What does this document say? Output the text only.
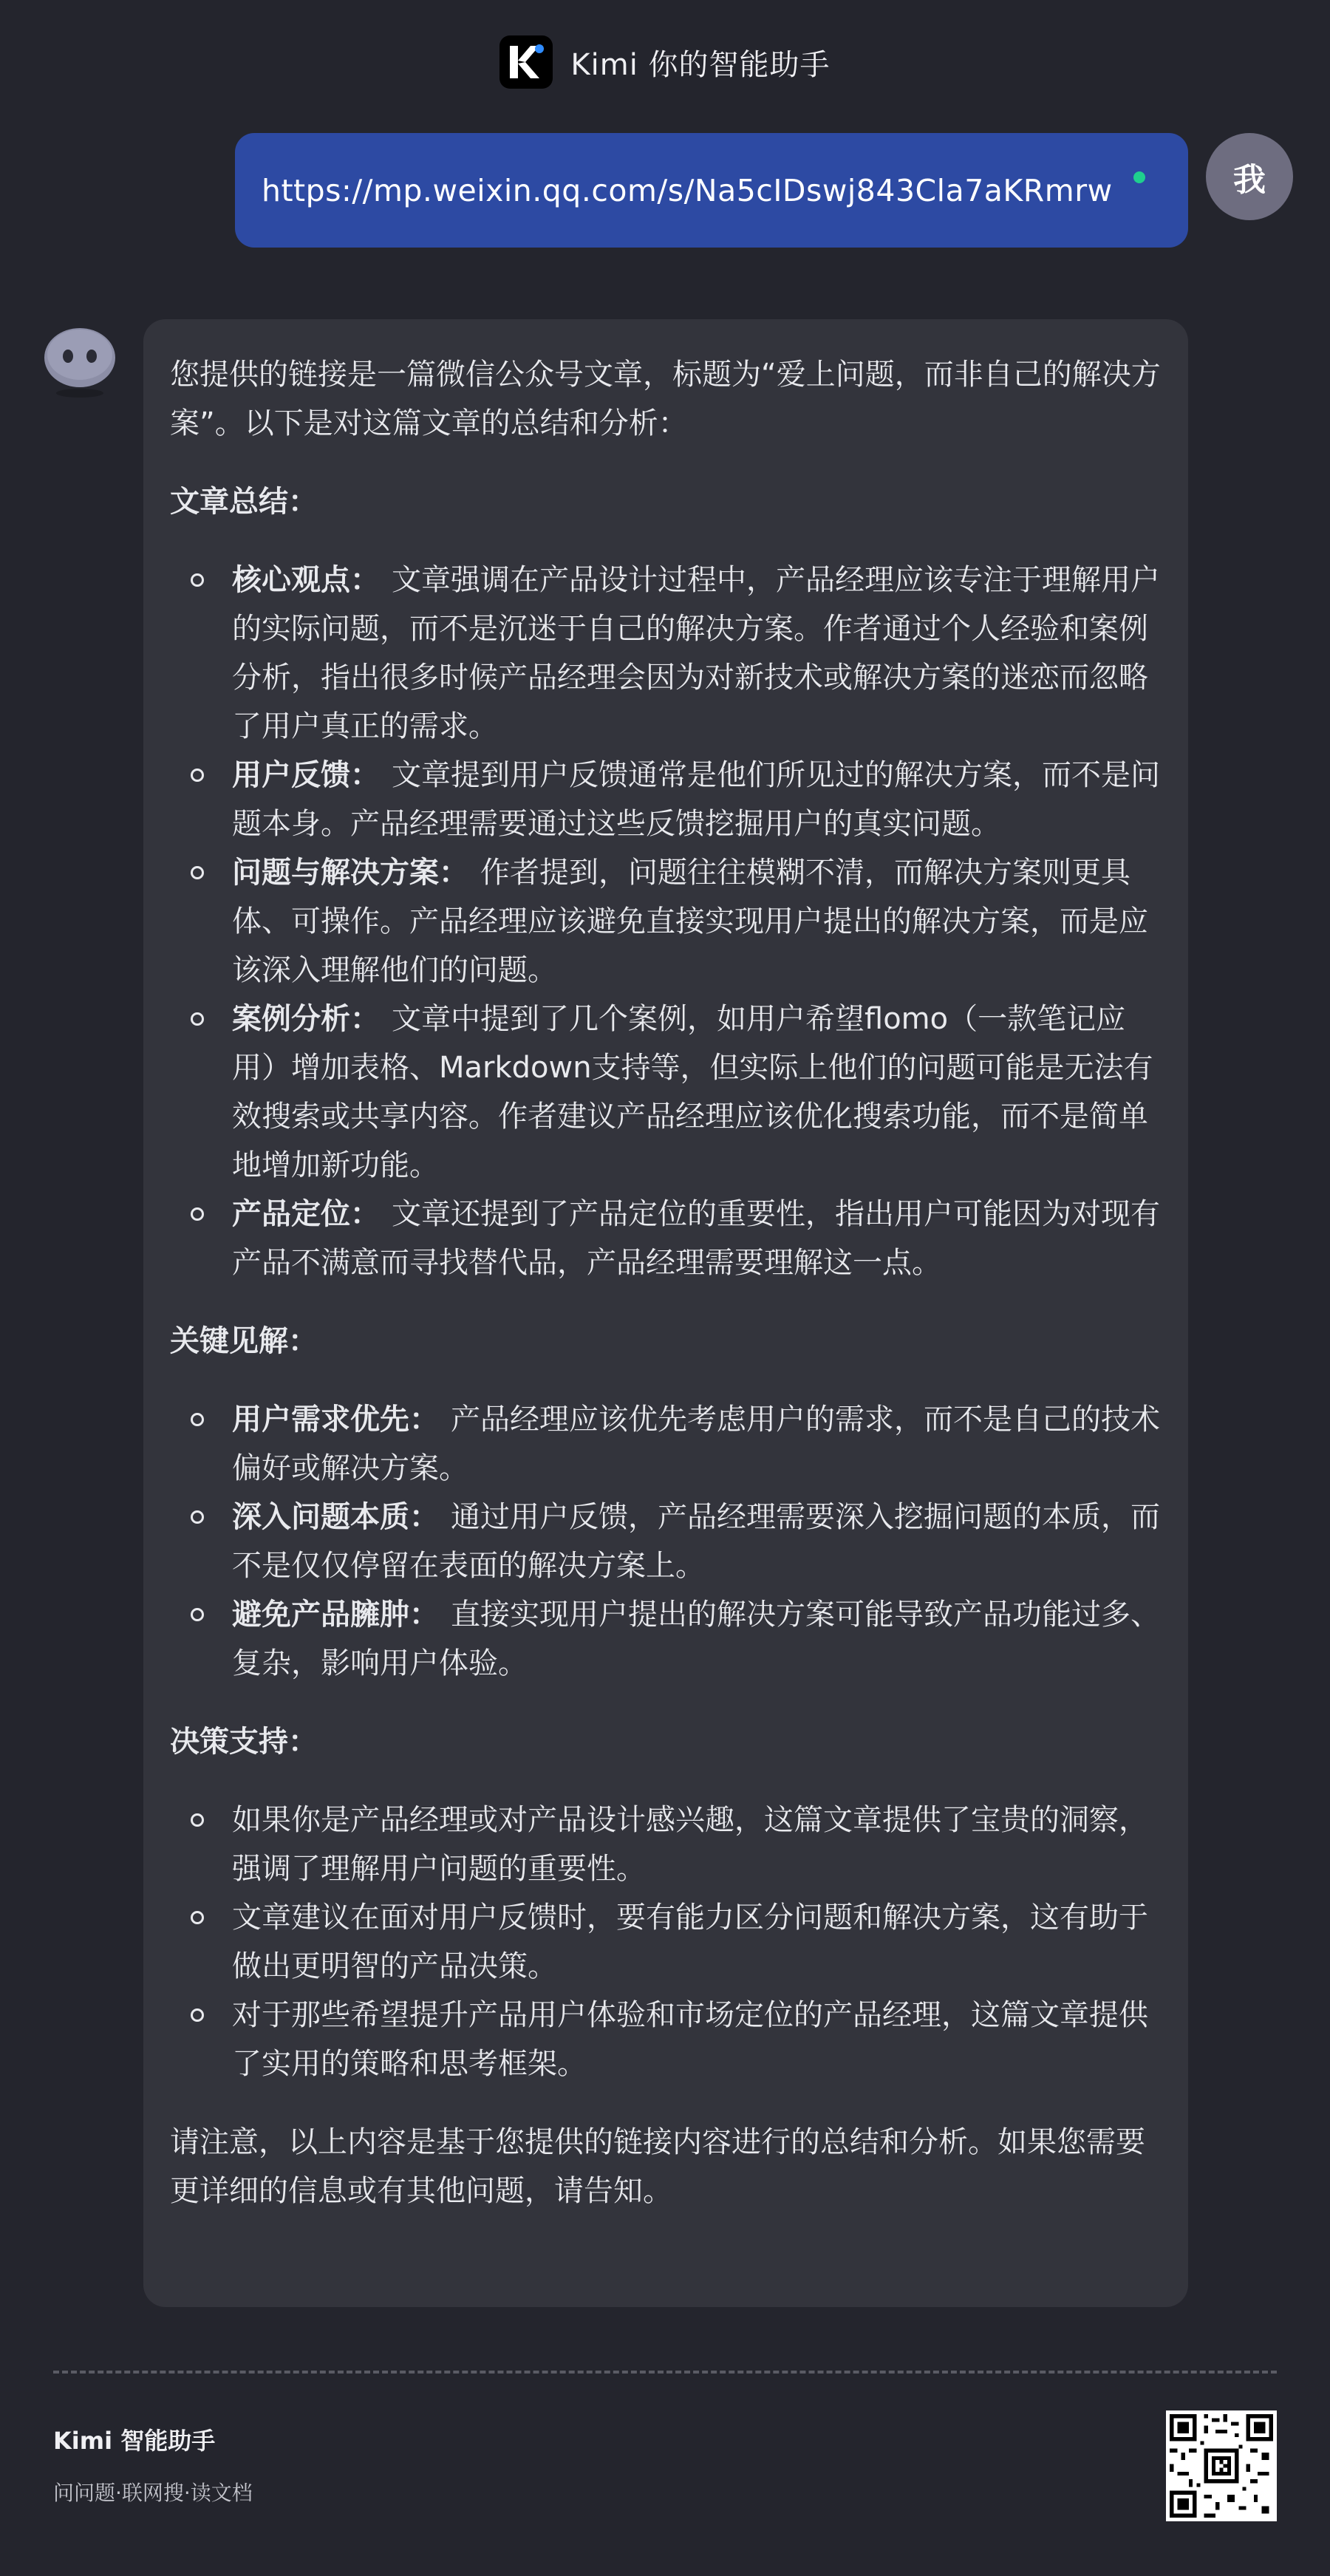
Kimi 你的智能助手
https://mp.weixin.qq.com/s/Na5cIDswj843Cla7aKRmrw	我

您提供的链接是一篇微信公众号文章，标题为“爱上问题，而非自己的解决方案”。以下是对这篇文章的总结和分析：

文章总结：
核心观点： 文章强调在产品设计过程中，产品经理应该专注于理解用户的实际问题，而不是沉迷于自己的解决方案。作者通过个人经验和案例分析，指出很多时候产品经理会因为对新技术或解决方案的迷恋而忽略了用户真正的需求。
用户反馈： 文章提到用户反馈通常是他们所见过的解决方案，而不是问题本身。产品经理需要通过这些反馈挖掘用户的真实问题。
问题与解决方案： 作者提到，问题往往模糊不清，而解决方案则更具体、可操作。产品经理应该避免直接实现用户提出的解决方案，而是应该深入理解他们的问题。
案例分析： 文章中提到了几个案例，如用户希望flomo（一款笔记应用）增加表格、Markdown支持等，但实际上他们的问题可能是无法有效搜索或共享内容。作者建议产品经理应该优化搜索功能，而不是简单地增加新功能。
产品定位： 文章还提到了产品定位的重要性，指出用户可能因为对现有产品不满意而寻找替代品，产品经理需要理解这一点。
关键见解：
用户需求优先： 产品经理应该优先考虑用户的需求，而不是自己的技术偏好或解决方案。
深入问题本质： 通过用户反馈，产品经理需要深入挖掘问题的本质，而不是仅仅停留在表面的解决方案上。
避免产品臃肿： 直接实现用户提出的解决方案可能导致产品功能过多、复杂，影响用户体验。
决策支持：
如果你是产品经理或对产品设计感兴趣，这篇文章提供了宝贵的洞察，强调了理解用户问题的重要性。
文章建议在面对用户反馈时，要有能力区分问题和解决方案，这有助于做出更明智的产品决策。
对于那些希望提升产品用户体验和市场定位的产品经理，这篇文章提供了实用的策略和思考框架。

请注意，以上内容是基于您提供的链接内容进行的总结和分析。如果您需要更详细的信息或有其他问题，请告知。

Kimi 智能助手
问问题·联网搜·读文档
